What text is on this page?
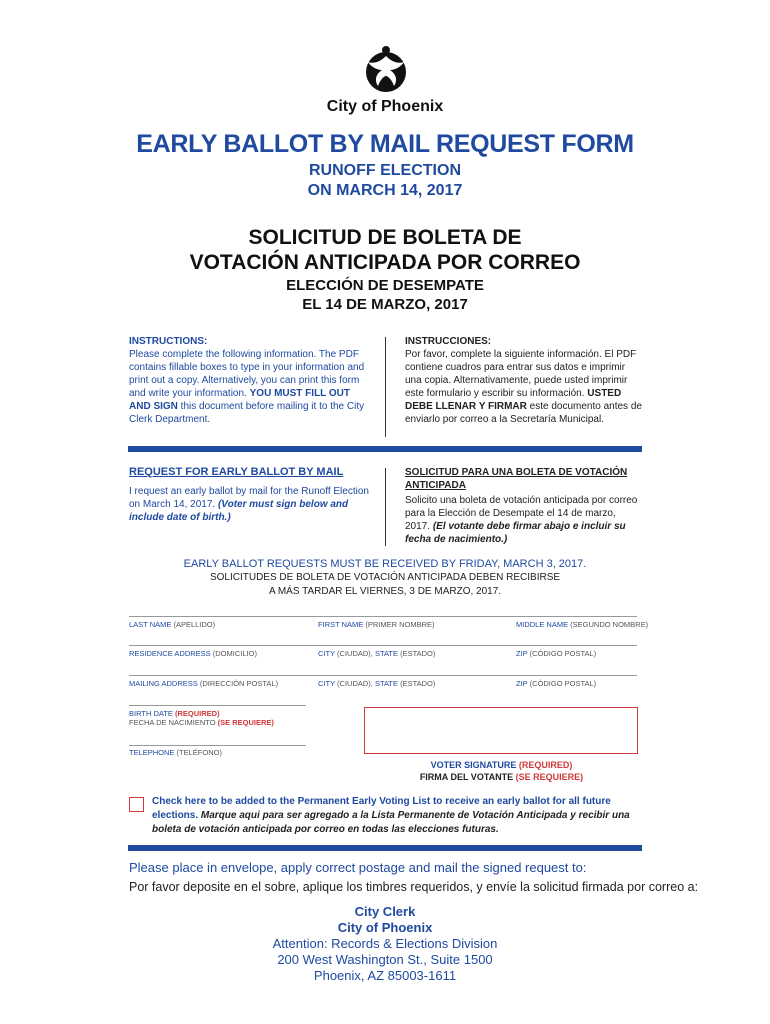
City of Phoenix
EARLY BALLOT BY MAIL REQUEST FORM
RUNOFF ELECTION
ON MARCH 14, 2017
SOLICITUD DE BOLETA DE
VOTACIÓN ANTICIPADA POR CORREO
ELECCIÓN DE DESEMPATE
EL 14 DE MARZO, 2017
INSTRUCTIONS:
Please complete the following information. The PDF contains fillable boxes to type in your information and print out a copy. Alternatively, you can print this form and write your information. YOU MUST FILL OUT AND SIGN this document before mailing it to the City Clerk Department.
INSTRUCCIONES:
Por favor, complete la siguiente información. El PDF contiene cuadros para entrar sus datos e imprimir una copia. Alternativamente, puede usted imprimir este formulario y escribir su información. USTED DEBE LLENAR Y FIRMAR este documento antes de enviarlo por correo a la Secretaría Municipal.
REQUEST FOR EARLY BALLOT BY MAIL
I request an early ballot by mail for the Runoff Election on March 14, 2017. (Voter must sign below and include date of birth.)
SOLICITUD PARA UNA BOLETA DE VOTACIÓN ANTICIPADA
Solicito una boleta de votación anticipada por correo para la Elección de Desempate el 14 de marzo, 2017. (El votante debe firmar abajo e incluir su fecha de nacimiento.)
EARLY BALLOT REQUESTS MUST BE RECEIVED BY FRIDAY, MARCH 3, 2017.
SOLICITUDES DE BOLETA DE VOTACIÓN ANTICIPADA DEBEN RECIBIRSE
A MÁS TARDAR EL VIERNES, 3 DE MARZO, 2017.
LAST NAME (APELLIDO)	FIRST NAME (PRIMER NOMBRE)	MIDDLE NAME (SEGUNDO NOMBRE)
RESIDENCE ADDRESS (DOMICILIO)	CITY (CIUDAD), STATE (ESTADO)	ZIP (CÓDIGO POSTAL)
MAILING ADDRESS (DIRECCIÓN POSTAL)	CITY (CIUDAD), STATE (ESTADO)	ZIP (CÓDIGO POSTAL)
BIRTH DATE (REQUIRED)
FECHA DE NACIMIENTO (SE REQUIERE)
TELEPHONE (TELÉFONO)
VOTER SIGNATURE (REQUIRED)
FIRMA DEL VOTANTE (SE REQUIERE)
Check here to be added to the Permanent Early Voting List to receive an early ballot for all future elections. Marque aqui para ser agregado a la Lista Permanente de Votación Anticipada y recibir una boleta de votación anticipada por correo en todas las elecciones futuras.
Please place in envelope, apply correct postage and mail the signed request to:
Por favor deposite en el sobre, aplique los timbres requeridos, y envíe la solicitud firmada por correo a:
City Clerk
City of Phoenix
Attention: Records & Elections Division
200 West Washington St., Suite 1500
Phoenix, AZ 85003-1611
